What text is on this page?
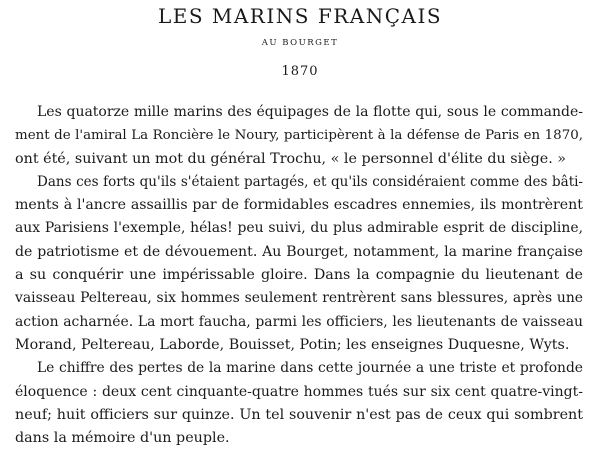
LES MARINS FRANÇAIS

AU BOURGET

1870

Les quatorze mille marins des équipages de la flotte qui, sous le commande-
ment de l'amiral La Roncière le Noury, participèrent à la défense de Paris en 1870,
ont été, suivant un mot du général Trochu, « le personnel d'élite du siège. »
Dans ces forts qu'ils s'étaient partagés, et qu'ils considéraient comme des bâti-
ments à l'ancre assaillis par de formidables escadres ennemies, ils montrèrent
aux Parisiens l'exemple, hélas! peu suivi, du plus admirable esprit de discipline,
de patriotisme et de dévouement. Au Bourget, notamment, la marine française
a su conquérir une impérissable gloire. Dans la compagnie du lieutenant de
vaisseau Peltereau, six hommes seulement rentrèrent sans blessures, après une
action acharnée. La mort faucha, parmi les officiers, les lieutenants de vaisseau
Morand, Peltereau, Laborde, Bouisset, Potin; les enseignes Duquesne, Wyts.
Le chiffre des pertes de la marine dans cette journée a une triste et profonde
éloquence : deux cent cinquante-quatre hommes tués sur six cent quatre-vingt-
neuf; huit officiers sur quinze. Un tel souvenir n'est pas de ceux qui sombrent
dans la mémoire d'un peuple.
